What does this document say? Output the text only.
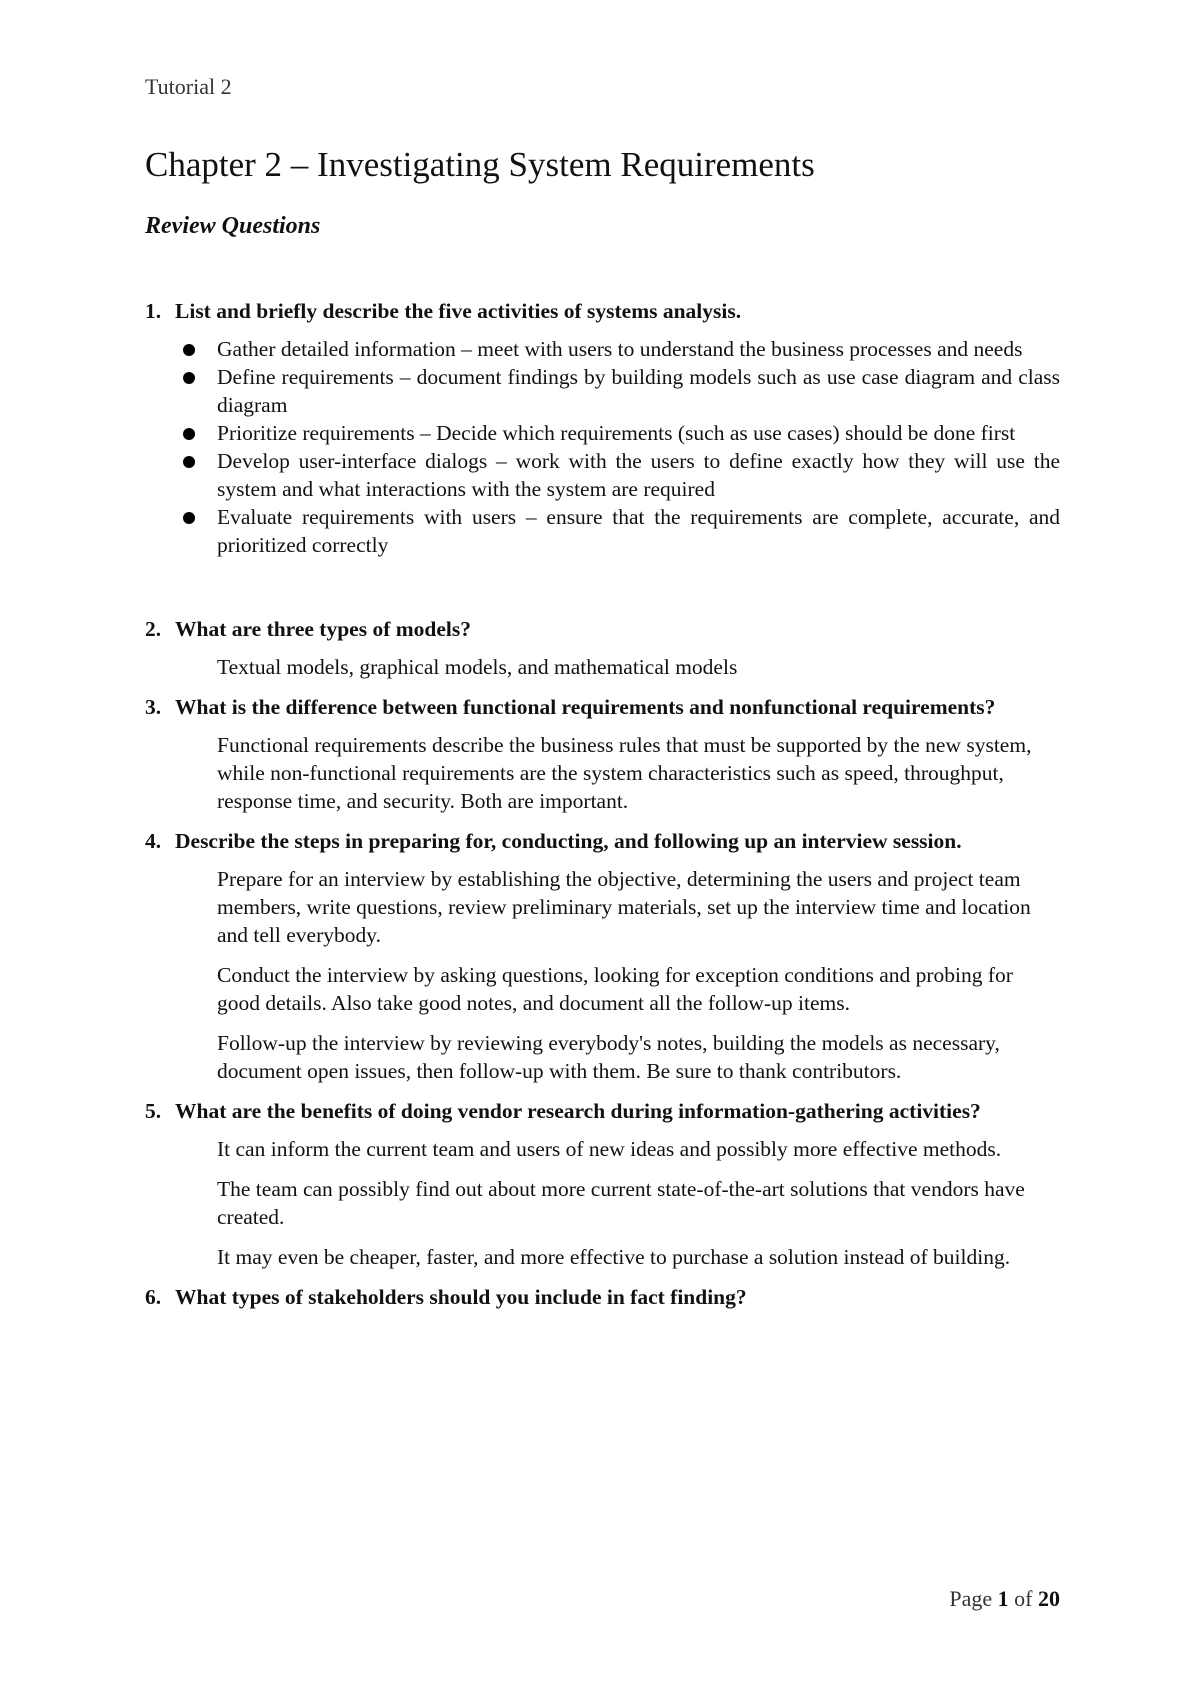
Tutorial 2
Chapter 2 – Investigating System Requirements
Review Questions
1. List and briefly describe the five activities of systems analysis.
Gather detailed information – meet with users to understand the business processes and needs
Define requirements – document findings by building models such as use case diagram and class diagram
Prioritize requirements – Decide which requirements (such as use cases) should be done first
Develop user-interface dialogs – work with the users to define exactly how they will use the system and what interactions with the system are required
Evaluate requirements with users – ensure that the requirements are complete, accurate, and prioritized correctly
2. What are three types of models?

Textual models, graphical models, and mathematical models

3. What is the difference between functional requirements and nonfunctional requirements?

Functional requirements describe the business rules that must be supported by the new system, while non-functional requirements are the system characteristics such as speed, throughput, response time, and security. Both are important.

4. Describe the steps in preparing for, conducting, and following up an interview session.

Prepare for an interview by establishing the objective, determining the users and project team members, write questions, review preliminary materials, set up the interview time and location and tell everybody.

Conduct the interview by asking questions, looking for exception conditions and probing for good details. Also take good notes, and document all the follow-up items.

Follow-up the interview by reviewing everybody's notes, building the models as necessary, document open issues, then follow-up with them. Be sure to thank contributors.

5. What are the benefits of doing vendor research during information-gathering activities?

It can inform the current team and users of new ideas and possibly more effective methods.

The team can possibly find out about more current state-of-the-art solutions that vendors have created.

It may even be cheaper, faster, and more effective to purchase a solution instead of building.

6. What types of stakeholders should you include in fact finding?
Page 1 of 20
